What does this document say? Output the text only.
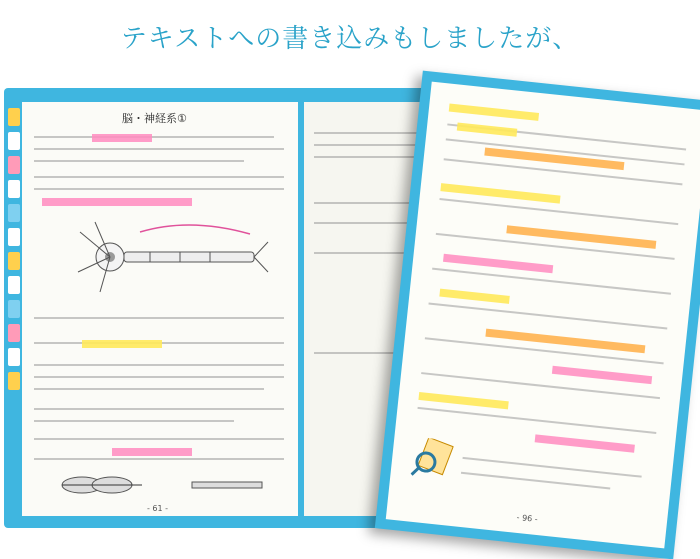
テキストへの書き込みもしましたが、
脳・神経系①
- 61 -
- 96 -
